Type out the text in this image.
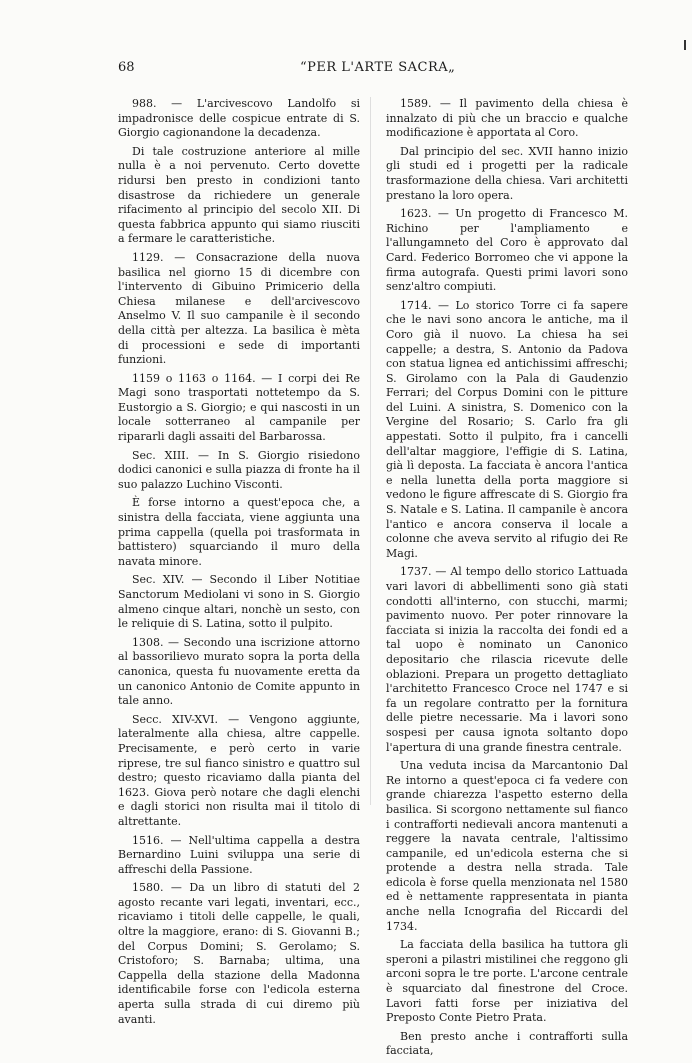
68	“PER L'ARTE SACRA„

988. — L'arcivescovo Landolfo si impadronisce delle cospicue entrate di S. Giorgio cagionandone la decadenza.

Di tale costruzione anteriore al mille nulla è a noi pervenuto. Certo dovette ridursi ben presto in condizioni tanto disastrose da richiedere un generale rifacimento al principio del secolo XII. Di questa fabbrica appunto qui siamo riusciti a fermare le caratteristiche.

1129. — Consacrazione della nuova basilica nel giorno 15 di dicembre con l'intervento di Gibuino Primicerio della Chiesa milanese e dell'arcivescovo Anselmo V. Il suo campanile è il secondo della città per altezza. La basilica è mèta di processioni e sede di importanti funzioni.

1159 o 1163 o 1164. — I corpi dei Re Magi sono trasportati nottetempo da S. Eustorgio a S. Giorgio; e qui nascosti in un locale sotterraneo al campanile per ripararli dagli assaiti del Barbarossa.

Sec. XIII. — In S. Giorgio risiedono dodici canonici e sulla piazza di fronte ha il suo palazzo Luchino Visconti.

È forse intorno a quest'epoca che, a sinistra della facciata, viene aggiunta una prima cappella (quella poi trasformata in battistero) squarciando il muro della navata minore.

Sec. XIV. — Secondo il Liber Notitiae Sanctorum Mediolani vi sono in S. Giorgio almeno cinque altari, nonchè un sesto, con le reliquie di S. Latina, sotto il pulpito.

1308. — Secondo una iscrizione attorno al bassorilievo murato sopra la porta della canonica, questa fu nuovamente eretta da un canonico Antonio de Comite appunto in tale anno.

Secc. XIV-XVI. — Vengono aggiunte, lateralmente alla chiesa, altre cappelle. Precisamente, e però certo in varie riprese, tre sul fianco sinistro e quattro sul destro; questo ricaviamo dalla pianta del 1623. Giova però notare che dagli elenchi e dagli storici non risulta mai il titolo di altrettante.

1516. — Nell'ultima cappella a destra Bernardino Luini sviluppa una serie di affreschi della Passione.

1580. — Da un libro di statuti del 2 agosto recante vari legati, inventari, ecc., ricaviamo i titoli delle cappelle, le quali, oltre la maggiore, erano: di S. Giovanni B.; del Corpus Domini; S. Gerolamo; S. Cristoforo; S. Barnaba; ultima, una Cappella della stazione della Madonna identificabile forse con l'edicola esterna aperta sulla strada di cui diremo più avanti.

1589. — Il pavimento della chiesa è innalzato di più che un braccio e qualche modificazione è apportata al Coro.

Dal principio del sec. XVII hanno inizio gli studi ed i progetti per la radicale trasformazione della chiesa. Vari architetti prestano la loro opera.

1623. — Un progetto di Francesco M. Richino per l'ampliamento e l'allungamneto del Coro è approvato dal Card. Federico Borromeo che vi appone la firma autografa. Questi primi lavori sono senz'altro compiuti.

1714. — Lo storico Torre ci fa sapere che le navi sono ancora le antiche, ma il Coro già il nuovo. La chiesa ha sei cappelle; a destra, S. Antonio da Padova con statua lignea ed antichissimi affreschi; S. Girolamo con la Pala di Gaudenzio Ferrari; del Corpus Domini con le pitture del Luini. A sinistra, S. Domenico con la Vergine del Rosario; S. Carlo fra gli appestati. Sotto il pulpito, fra i cancelli dell'altar maggiore, l'effigie di S. Latina, già lì deposta. La facciata è ancora l'antica e nella lunetta della porta maggiore si vedono le figure affrescate di S. Giorgio fra S. Natale e S. Latina. Il campanile è ancora l'antico e ancora conserva il locale a colonne che aveva servito al rifugio dei Re Magi.

1737. — Al tempo dello storico Lattuada vari lavori di abbellimenti sono già stati condotti all'interno, con stucchi, marmi; pavimento nuovo. Per poter rinnovare la facciata si inizia la raccolta dei fondi ed a tal uopo è nominato un Canonico depositario che rilascia ricevute delle oblazioni. Prepara un progetto dettagliato l'architetto Francesco Croce nel 1747 e si fa un regolare contratto per la fornitura delle pietre necessarie. Ma i lavori sono sospesi per causa ignota soltanto dopo l'apertura di una grande finestra centrale.

Una veduta incisa da Marcantonio Dal Re intorno a quest'epoca ci fa vedere con grande chiarezza l'aspetto esterno della basilica. Si scorgono nettamente sul fianco i contrafforti nedievali ancora mantenuti a reggere la navata centrale, l'altissimo campanile, ed un'edicola esterna che si protende a destra nella strada. Tale edicola è forse quella menzionata nel 1580 ed è nettamente rappresentata in pianta anche nella Icnografia del Riccardi del 1734.

La facciata della basilica ha tuttora gli speroni a pilastri mistilinei che reggono gli arconi sopra le tre porte. L'arcone centrale è squarciato dal finestrone del Croce. Lavori fatti forse per iniziativa del Preposto Conte Pietro Prata.

Ben presto anche i contrafforti sulla facciata,
